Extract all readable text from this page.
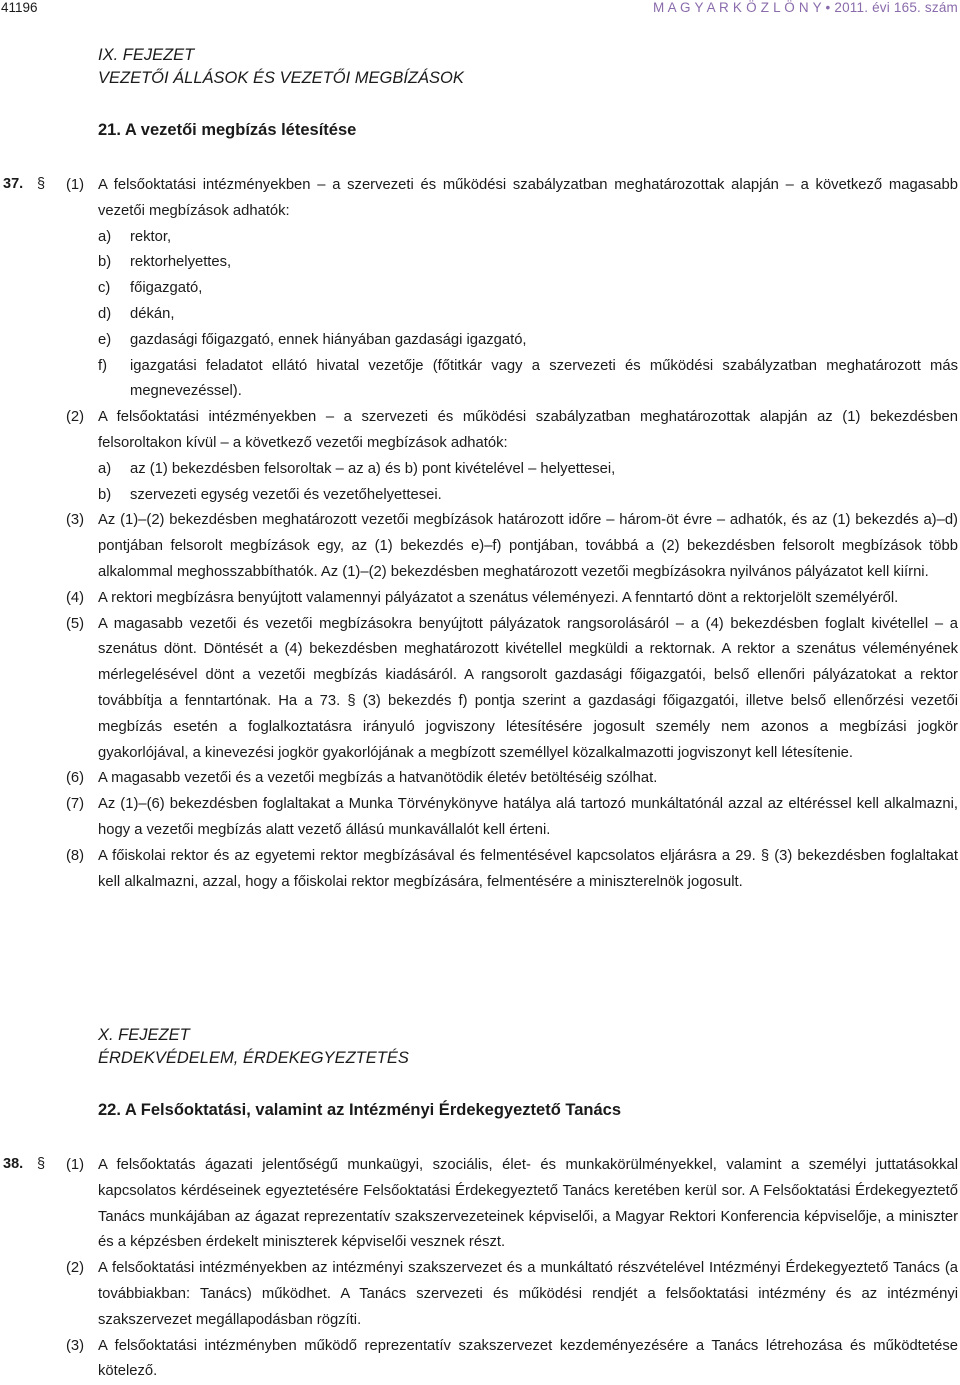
41196	M A G Y A R K Ö Z L Ö N Y • 2011. évi 165. szám
IX. FEJEZET
VEZETŐI ÁLLÁSOK ÉS VEZETŐI MEGBÍZÁSOK
21. A vezetői megbízás létesítése
37. § (1) A felsőoktatási intézményekben – a szervezeti és működési szabályzatban meghatározottak alapján – a következő magasabb vezetői megbízások adhatók:
a) rektor,
b) rektorhelyettes,
c) főigazgató,
d) dékán,
e) gazdasági főigazgató, ennek hiányában gazdasági igazgató,
f) igazgatási feladatot ellátó hivatal vezetője (főtitkár vagy a szervezeti és működési szabályzatban meghatározott más megnevezéssel).
(2) A felsőoktatási intézményekben – a szervezeti és működési szabályzatban meghatározottak alapján az (1) bekezdésben felsoroltakon kívül – a következő vezetői megbízások adhatók:
a) az (1) bekezdésben felsoroltak – az a) és b) pont kivételével – helyettesei,
b) szervezeti egység vezetői és vezetőhelyettesei.
(3) Az (1)–(2) bekezdésben meghatározott vezetői megbízások határozott időre – három-öt évre – adhatók, és az (1) bekezdés a)–d) pontjában felsorolt megbízások egy, az (1) bekezdés e)–f) pontjában, továbbá a (2) bekezdésben felsorolt megbízások több alkalommal meghosszabbíthatók. Az (1)–(2) bekezdésben meghatározott vezetői megbízásokra nyilvános pályázatot kell kiírni.
(4) A rektori megbízásra benyújtott valamennyi pályázatot a szenátus véleményezi. A fenntartó dönt a rektorjelölt személyéről.
(5) A magasabb vezetői és vezetői megbízásokra benyújtott pályázatok rangsorolásáról – a (4) bekezdésben foglalt kivétellel – a szenátus dönt. Döntését a (4) bekezdésben meghatározott kivétellel megküldi a rektornak. A rektor a szenátus véleményének mérlegelésével dönt a vezetői megbízás kiadásáról. A rangsorolt gazdasági főigazgatói, belső ellenőri pályázatokat a rektor továbbítja a fenntartónak. Ha a 73. § (3) bekezdés f) pontja szerint a gazdasági főigazgatói, illetve belső ellenőrzési vezetői megbízás esetén a foglalkoztatásra irányuló jogviszony létesítésére jogosult személy nem azonos a megbízási jogkör gyakorlójával, a kinevezési jogkör gyakorlójának a megbízott személlyel közalkalmazotti jogviszonyt kell létesítenie.
(6) A magasabb vezetői és a vezetői megbízás a hatvanötödik életév betöltéséig szólhat.
(7) Az (1)–(6) bekezdésben foglaltakat a Munka Törvénykönyve hatálya alá tartozó munkáltatónál azzal az eltéréssel kell alkalmazni, hogy a vezetői megbízás alatt vezető állású munkavállalót kell érteni.
(8) A főiskolai rektor és az egyetemi rektor megbízásával és felmentésével kapcsolatos eljárásra a 29. § (3) bekezdésben foglaltakat kell alkalmazni, azzal, hogy a főiskolai rektor megbízására, felmentésére a miniszterelnök jogosult.
X. FEJEZET
ÉRDEKVÉDELEM, ÉRDEKEGYEZTETÉS
22. A Felsőoktatási, valamint az Intézményi Érdekegyeztető Tanács
38. § (1) A felsőoktatás ágazati jelentőségű munkaügyi, szociális, élet- és munkakörülményekkel, valamint a személyi juttatásokkal kapcsolatos kérdéseinek egyeztetésére Felsőoktatási Érdekegyeztető Tanács keretében kerül sor. A Felsőoktatási Érdekegyeztető Tanács munkájában az ágazat reprezentatív szakszervezeteinek képviselői, a Magyar Rektori Konferencia képviselője, a miniszter és a képzésben érdekelt miniszterek képviselői vesznek részt.
(2) A felsőoktatási intézményekben az intézményi szakszervezet és a munkáltató részvételével Intézményi Érdekegyeztető Tanács (a továbbiakban: Tanács) működhet. A Tanács szervezeti és működési rendjét a felsőoktatási intézmény és az intézményi szakszervezet megállapodásban rögzíti.
(3) A felsőoktatási intézményben működő reprezentatív szakszervezet kezdeményezésére a Tanács létrehozása és működtetése kötelező.
